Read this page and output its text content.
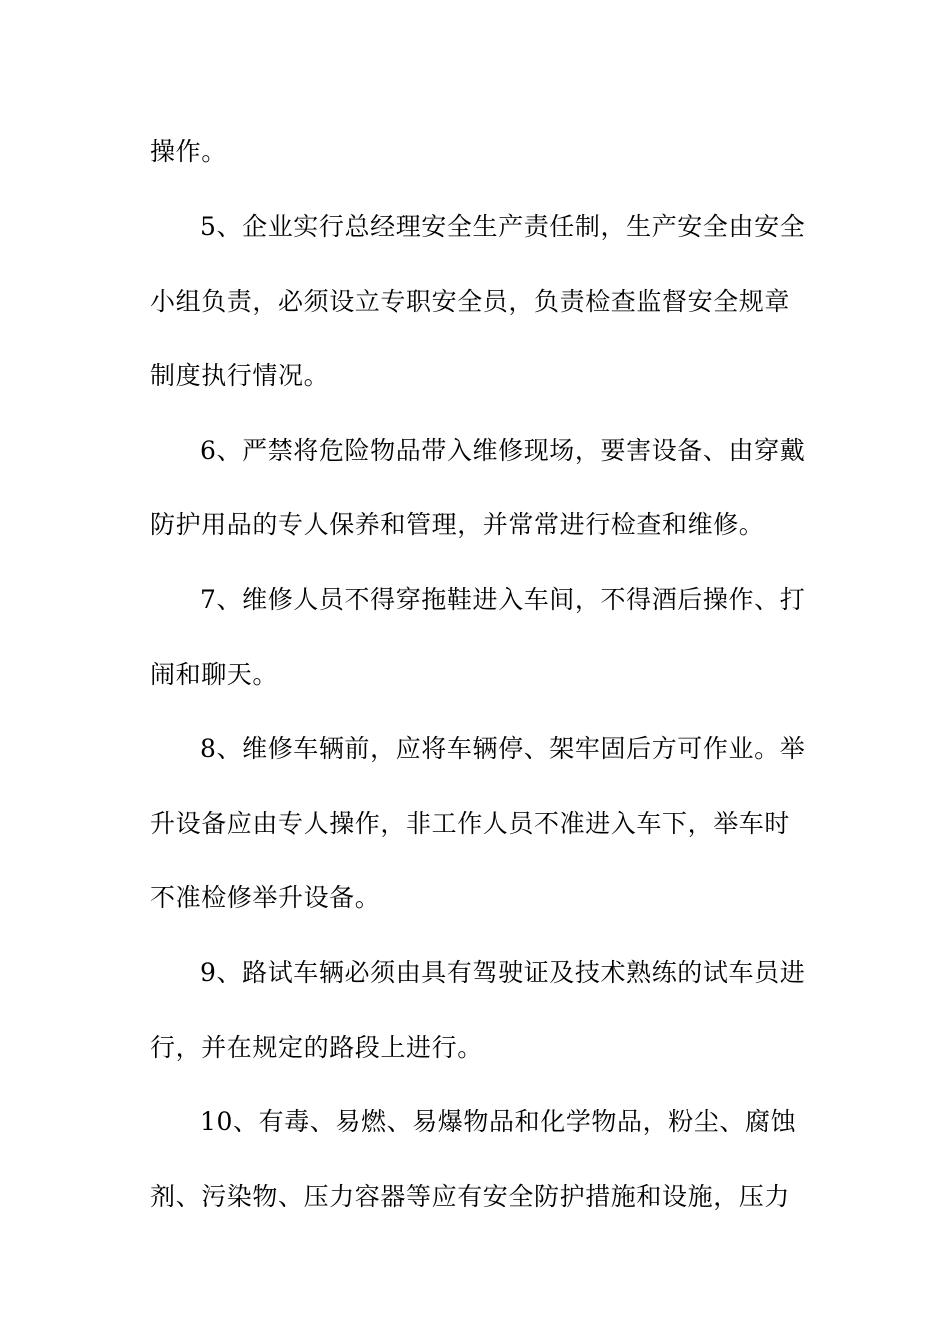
操作。
5、企业实行总经理安全生产责任制，生产安全由安全
小组负责，必须设立专职安全员，负责检查监督安全规章
制度执行情况。
6、严禁将危险物品带入维修现场，要害设备、由穿戴
防护用品的专人保养和管理，并常常进行检查和维修。
7、维修人员不得穿拖鞋进入车间，不得酒后操作、打
闹和聊天。
8、维修车辆前，应将车辆停、架牢固后方可作业。举
升设备应由专人操作，非工作人员不准进入车下，举车时
不准检修举升设备。
9、路试车辆必须由具有驾驶证及技术熟练的试车员进
行，并在规定的路段上进行。
10、有毒、易燃、易爆物品和化学物品，粉尘、腐蚀
剂、污染物、压力容器等应有安全防护措施和设施，压力
